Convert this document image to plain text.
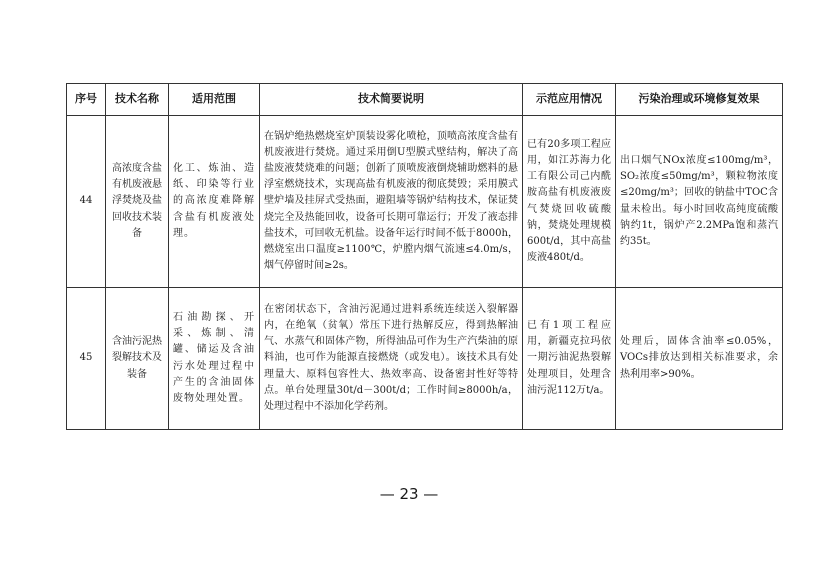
序号	技术名称	适用范围	技术简要说明	示范应用情况	污染治理或环境修复效果
44	高浓度含盐有机废液悬浮焚烧及盐回收技术装备	化工、炼油、造纸、印染等行业的高浓度难降解含盐有机废液处理。	在锅炉绝热燃烧室炉顶装设雾化喷枪，顶喷高浓度含盐有机废液进行焚烧。通过采用倒U型膜式壁结构，解决了高盐废液焚烧难的问题；创新了顶喷废液倒烧辅助燃料的悬浮室燃烧技术，实现高盐有机废液的彻底焚毁；采用膜式壁炉墙及挂屏式受热面，避阻墙等锅炉结构技术，保证焚烧完全及热能回收，设备可长期可靠运行；开发了液态排盐技术，可回收无机盐。设备年运行时间不低于8000h，燃烧室出口温度≥1100℃，炉膛内烟气流速≤4.0m/s，烟气停留时间≥2s。	已有20多项工程应用，如江苏海力化工有限公司己内酰胺高盐有机废液废气焚烧回收硫酸钠，焚烧处理规模600t/d，其中高盐废液480t/d。	出口烟气NOx浓度≤100mg/m³，SO₂浓度≤50mg/m³，颗粒物浓度≤20mg/m³；回收的钠盐中TOC含量未检出。每小时回收高纯度硫酸钠约1t，锅炉产2.2MPa饱和蒸汽约35t。
45	含油污泥热裂解技术及装备	石油勘探、开采、炼制、清罐、储运及含油污水处理过程中产生的含油固体废物处理处置。	在密闭状态下，含油污泥通过进料系统连续送入裂解器内，在绝氧（贫氧）常压下进行热解反应，得到热解油气、水蒸气和固体产物，所得油品可作为生产汽柴油的原料油，也可作为能源直接燃烧（或发电）。该技术具有处理量大、原料包容性大、热效率高、设备密封性好等特点。单台处理量30t/d－300t/d；工作时间≥8000h/a，处理过程中不添加化学药剂。	已有1项工程应用，新疆克拉玛依一期污油泥热裂解处理项目，处理含油污泥112万t/a。	处理后，固体含油率≤0.05%，VOCs排放达到相关标准要求，余热利用率>90%。
— 23 —
